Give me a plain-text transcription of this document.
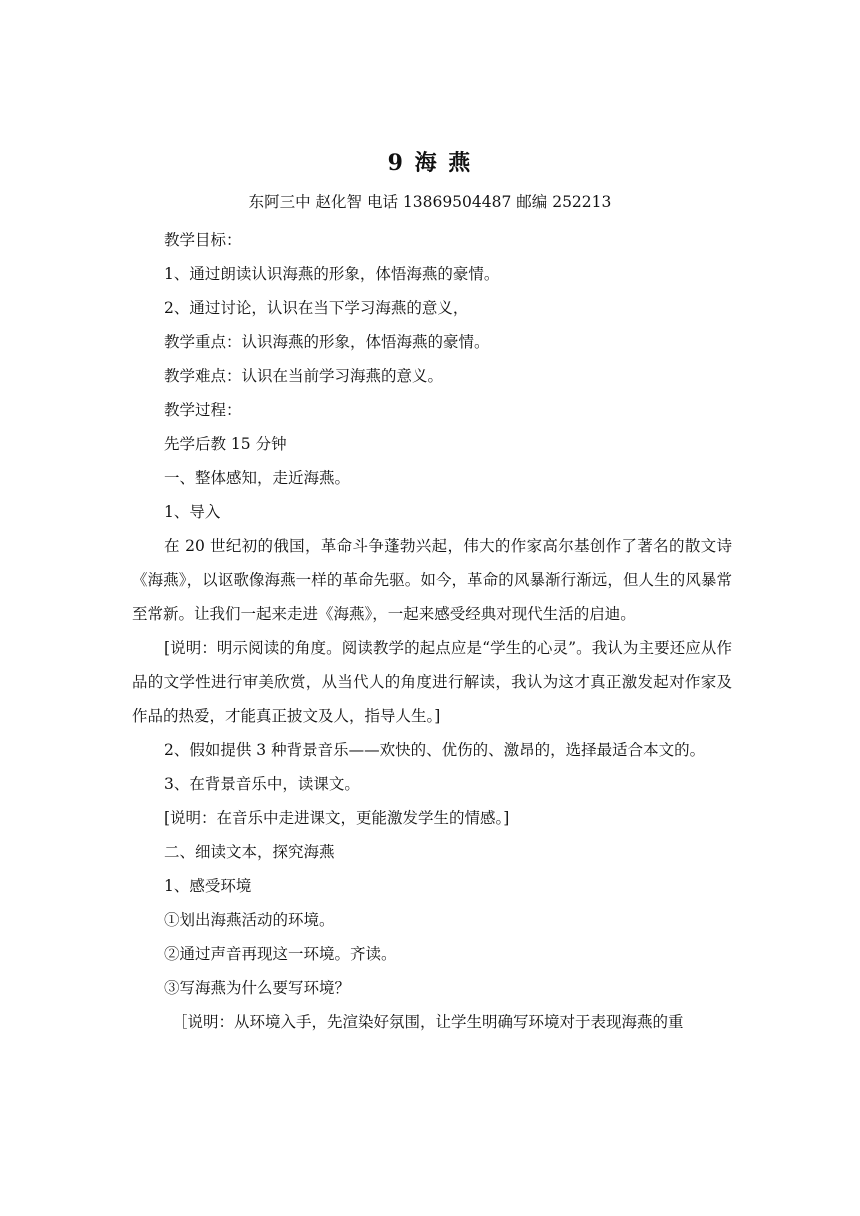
9 海 燕
东阿三中 赵化智 电话 13869504487 邮编 252213

教学目标：

1、通过朗读认识海燕的形象，体悟海燕的豪情。

2、通过讨论，认识在当下学习海燕的意义，

教学重点：认识海燕的形象，体悟海燕的豪情。

教学难点：认识在当前学习海燕的意义。

教学过程：

先学后教 15 分钟

一、整体感知，走近海燕。

1、导入

在 20 世纪初的俄国，革命斗争蓬勃兴起，伟大的作家高尔基创作了著名的散文诗《海燕》，以讴歌像海燕一样的革命先驱。如今，革命的风暴渐行渐远，但人生的风暴常至常新。让我们一起来走进《海燕》，一起来感受经典对现代生活的启迪。

[说明：明示阅读的角度。阅读教学的起点应是“学生的心灵”。我认为主要还应从作品的文学性进行审美欣赏，从当代人的角度进行解读，我认为这才真正激发起对作家及作品的热爱，才能真正披文及人，指导人生。]

2、假如提供 3 种背景音乐——欢快的、优伤的、激昂的，选择最适合本文的。

3、在背景音乐中，读课文。

[说明：在音乐中走进课文，更能激发学生的情感。]

二、细读文本，探究海燕

1、感受环境

①划出海燕活动的环境。

②通过声音再现这一环境。齐读。

③写海燕为什么要写环境？

［说明：从环境入手，先渲染好氛围，让学生明确写环境对于表现海燕的重
